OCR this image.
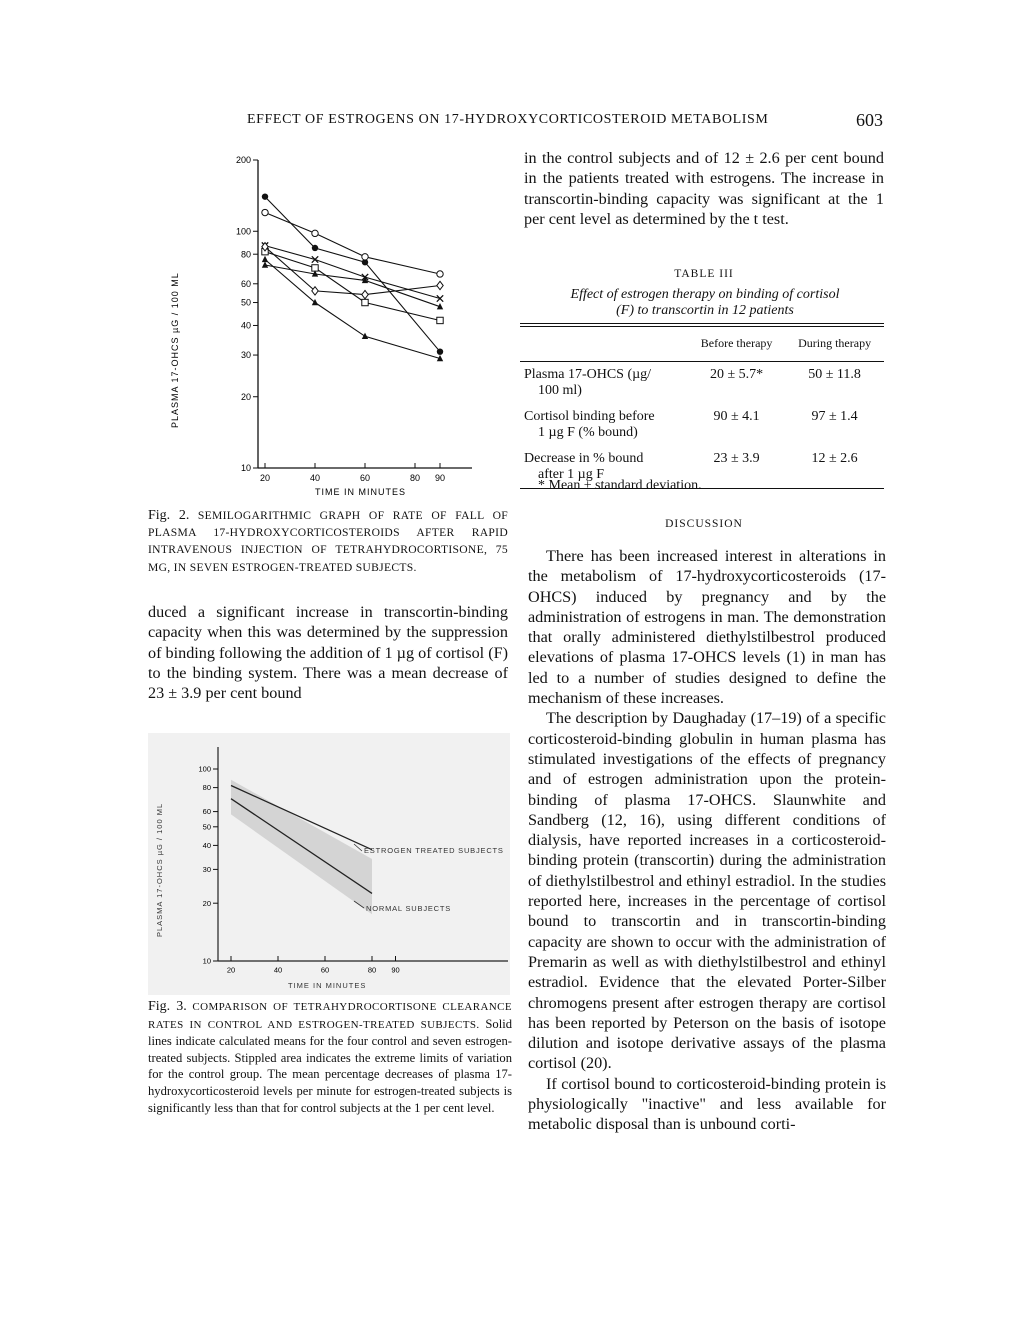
EFFECT OF ESTROGENS ON 17-HYDROXYCORTICOSTEROID METABOLISM	603
PLASMA 17-OHCS µG / 100 ML
TIME IN MINUTES
200
100
80
60
50
40
30
20
10
20	40	60	80 90
Fig. 2. SEMILOGARITHMIC GRAPH OF RATE OF FALL OF PLASMA 17-HYDROXYCORTICOSTEROIDS AFTER RAPID INTRAVENOUS INJECTION OF TETRAHYDROCORTISONE, 75 MG, IN SEVEN ESTROGEN-TREATED SUBJECTS.

duced a significant increase in transcortin-binding capacity when this was determined by the suppression of binding following the addition of 1 µg of cortisol (F) to the binding system. There was a mean decrease of 23 ± 3.9 per cent bound

PLASMA 17-OHCS µG / 100 ML
TIME IN MINUTES
100
80
60
50
40
30
20
10
20	40	60	80 90
ESTROGEN TREATED SUBJECTS
NORMAL SUBJECTS
Fig. 3. COMPARISON OF TETRAHYDROCORTISONE CLEARANCE RATES IN CONTROL AND ESTROGEN-TREATED SUBJECTS. Solid lines indicate calculated means for the four control and seven estrogen-treated subjects. Stippled area indicates the extreme limits of variation for the control group. The mean percentage decreases of plasma 17-hydroxycorticosteroid levels per minute for estrogen-treated subjects is significantly less than that for control subjects at the 1 per cent level.

in the control subjects and of 12 ± 2.6 per cent bound in the patients treated with estrogens. The increase in transcortin-binding capacity was significant at the 1 per cent level as determined by the t test.

TABLE III
Effect of estrogen therapy on binding of cortisol (F) to transcortin in 12 patients
	Before therapy	During therapy
Plasma 17-OHCS (µg/
100 ml)	20 ± 5.7*	50 ± 11.8
Cortisol binding before
1 µg F (% bound)	90 ± 4.1	97 ± 1.4
Decrease in % bound
after 1 µg F	23 ± 3.9	12 ± 2.6
* Mean ± standard deviation.
DISCUSSION

There has been increased interest in alterations in the metabolism of 17-hydroxycorticosteroids (17-OHCS) induced by pregnancy and by the administration of estrogens in man. The demonstration that orally administered diethylstilbestrol produced elevations of plasma 17-OHCS levels (1) in man has led to a number of studies designed to define the mechanism of these increases.

The description by Daughaday (17–19) of a specific corticosteroid-binding globulin in human plasma has stimulated investigations of the effects of pregnancy and of estrogen administration upon the protein-binding of plasma 17-OHCS. Slaunwhite and Sandberg (12, 16), using different conditions of dialysis, have reported increases in a corticosteroid-binding protein (transcortin) during the administration of diethylstilbestrol and ethinyl estradiol. In the studies reported here, increases in the percentage of cortisol bound to transcortin and in transcortin-binding capacity are shown to occur with the administration of Premarin as well as with diethylstilbestrol and ethinyl estradiol. Evidence that the elevated Porter-Silber chromogens present after estrogen therapy are cortisol has been reported by Peterson on the basis of isotope dilution and isotope derivative assays of the plasma cortisol (20).

If cortisol bound to corticosteroid-binding protein is physiologically "inactive" and less available for metabolic disposal than is unbound corti-
